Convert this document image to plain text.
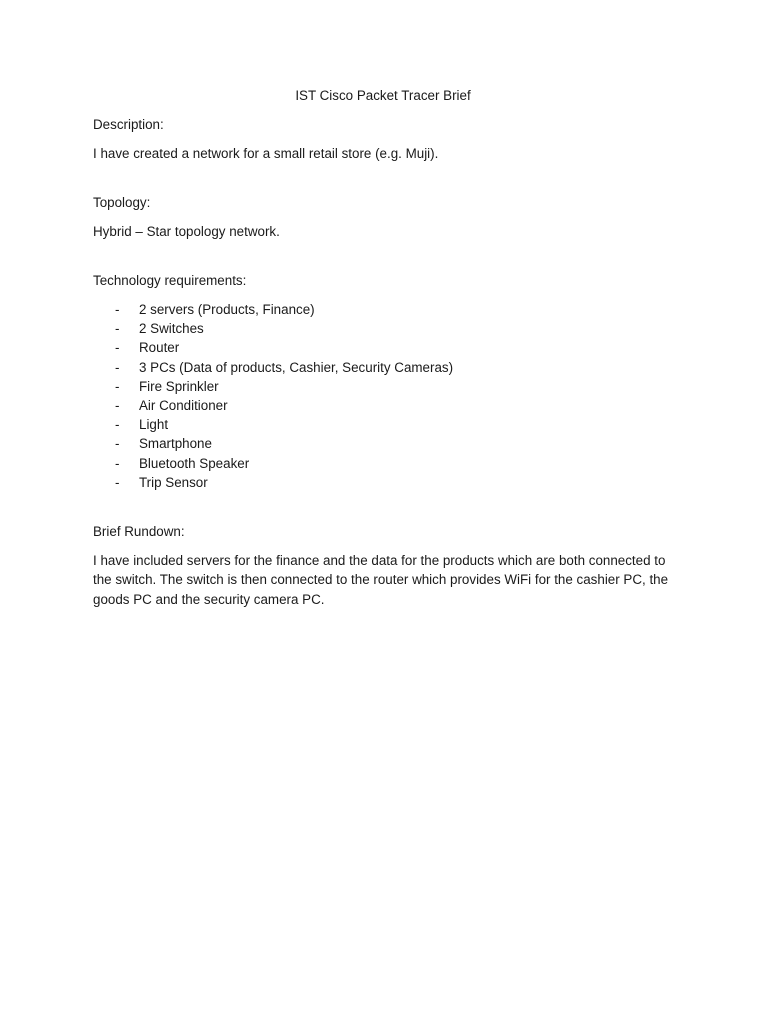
IST Cisco Packet Tracer Brief
Description:
I have created a network for a small retail store (e.g. Muji).
Topology:
Hybrid – Star topology network.
Technology requirements:
- 2 servers (Products, Finance)
- 2 Switches
- Router
- 3 PCs (Data of products, Cashier, Security Cameras)
- Fire Sprinkler
- Air Conditioner
- Light
- Smartphone
- Bluetooth Speaker
- Trip Sensor
Brief Rundown:
I have included servers for the finance and the data for the products which are both connected to the switch. The switch is then connected to the router which provides WiFi for the cashier PC, the goods PC and the security camera PC.
